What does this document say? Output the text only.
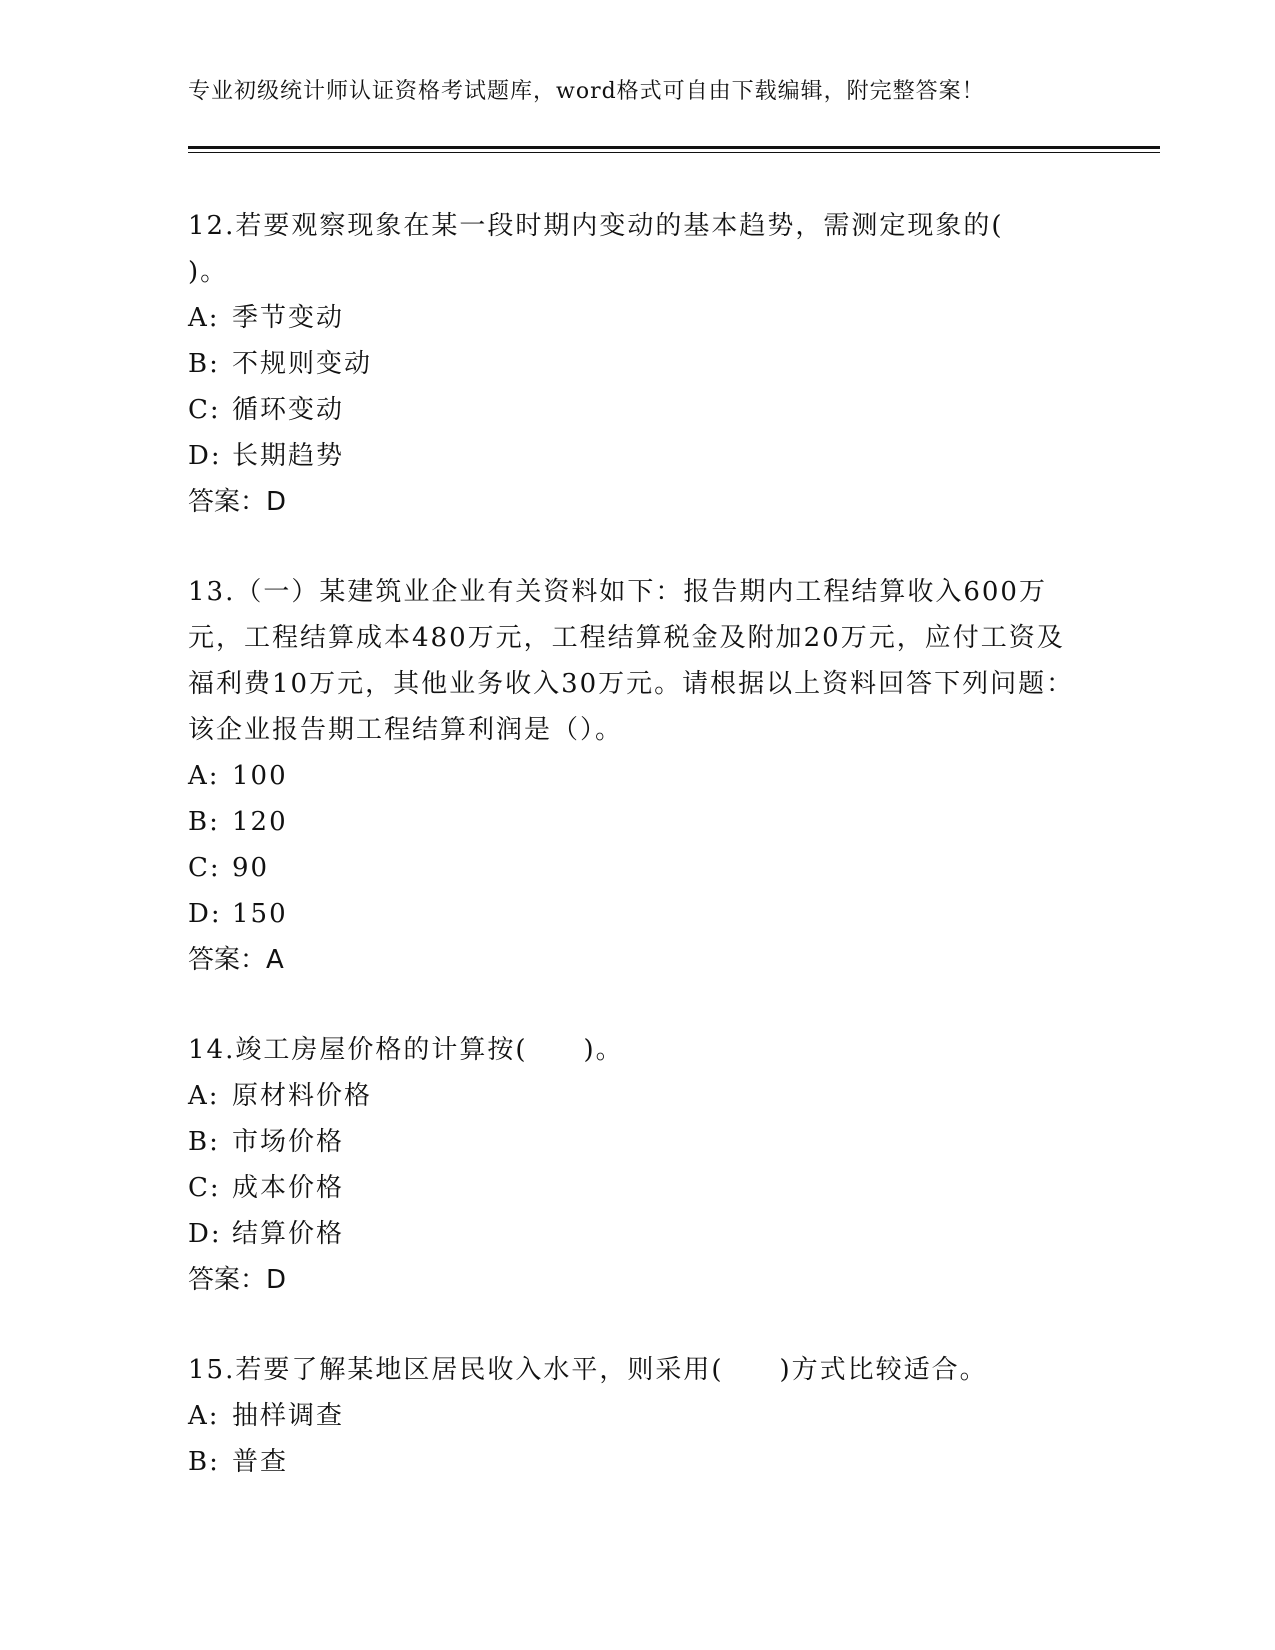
专业初级统计师认证资格考试题库，word格式可自由下载编辑，附完整答案！

12.若要观察现象在某一段时期内变动的基本趋势，需测定现象的(
)。

A: 季节变动
B: 不规则变动
C: 循环变动
D: 长期趋势
答案：D

13.（一）某建筑业企业有关资料如下：报告期内工程结算收入600万元，工程结算成本480万元，工程结算税金及附加20万元，应付工资及福利费10万元，其他业务收入30万元。请根据以上资料回答下列问题：该企业报告期工程结算利润是（）。

A: 100
B: 120
C: 90
D: 150
答案：A

14.竣工房屋价格的计算按(　　)。

A: 原材料价格
B: 市场价格
C: 成本价格
D: 结算价格
答案：D

15.若要了解某地区居民收入水平，则采用(　　)方式比较适合。

A: 抽样调查
B: 普查
